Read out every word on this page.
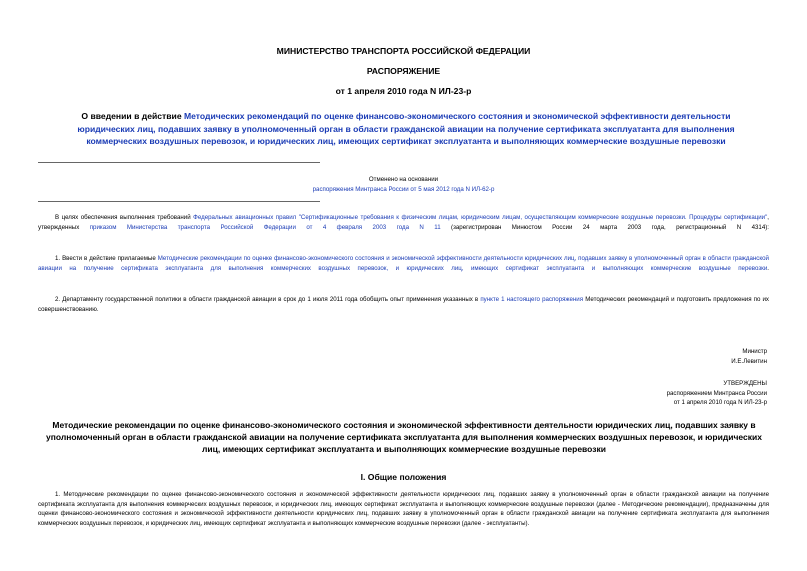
МИНИСТЕРСТВО ТРАНСПОРТА РОССИЙСКОЙ ФЕДЕРАЦИИ
РАСПОРЯЖЕНИЕ
от 1 апреля 2010 года N ИЛ-23-р
О введении в действие Методических рекомендаций по оценке финансово-экономического состояния и экономической эффективности деятельности юридических лиц, подавших заявку в уполномоченный орган в области гражданской авиации на получение сертификата эксплуатанта для выполнения коммерческих воздушных перевозок, и юридических лиц, имеющих сертификат эксплуатанта и выполняющих коммерческие воздушные перевозки
Отменено на основании
распоряжения Минтранса России от 5 мая 2012 года N ИЛ-62-р
В целях обеспечения выполнения требований Федеральных авиационных правил "Сертификационные требования к физическим лицам, юридическим лицам, осуществляющим коммерческие воздушные перевозки. Процедуры сертификации", утвержденных приказом Министерства транспорта Российской Федерации от 4 февраля 2003 года N 11 (зарегистрирован Минюстом России 24 марта 2003 года, регистрационный N 4314):
1. Ввести в действие прилагаемые Методические рекомендации по оценке финансово-экономического состояния и экономической эффективности деятельности юридических лиц, подавших заявку в уполномоченный орган в области гражданской авиации на получение сертификата эксплуатанта для выполнения коммерческих воздушных перевозок, и юридических лиц, имеющих сертификат эксплуатанта и выполняющих коммерческие воздушные перевозки.
2. Департаменту государственной политики в области гражданской авиации в срок до 1 июля 2011 года обобщить опыт применения указанных в пункте 1 настоящего распоряжения Методических рекомендаций и подготовить предложения по их совершенствованию.
Министр
И.Е.Левитин
УТВЕРЖДЕНЫ
распоряжением Минтранса России
от 1 апреля 2010 года N ИЛ-23-р
Методические рекомендации по оценке финансово-экономического состояния и экономической эффективности деятельности юридических лиц, подавших заявку в уполномоченный орган в области гражданской авиации на получение сертификата эксплуатанта для выполнения коммерческих воздушных перевозок, и юридических лиц, имеющих сертификат эксплуатанта и выполняющих коммерческие воздушные перевозки
I. Общие положения
1. Методические рекомендации по оценке финансово-экономического состояния и экономической эффективности деятельности юридических лиц, подавших заявку в уполномоченный орган в области гражданской авиации на получение сертификата эксплуатанта для выполнения коммерческих воздушных перевозок, и юридических лиц, имеющих сертификат эксплуатанта и выполняющих коммерческие воздушные перевозки (далее - Методические рекомендации), предназначены для оценки финансово-экономического состояния и экономической эффективности деятельности юридических лиц, подавших заявку в уполномоченный орган в области гражданской авиации на получение сертификата эксплуатанта для выполнения коммерческих воздушных перевозок, и юридических лиц, имеющих сертификат эксплуатанта и выполняющих коммерческие воздушные перевозки (далее - эксплуатанты).
